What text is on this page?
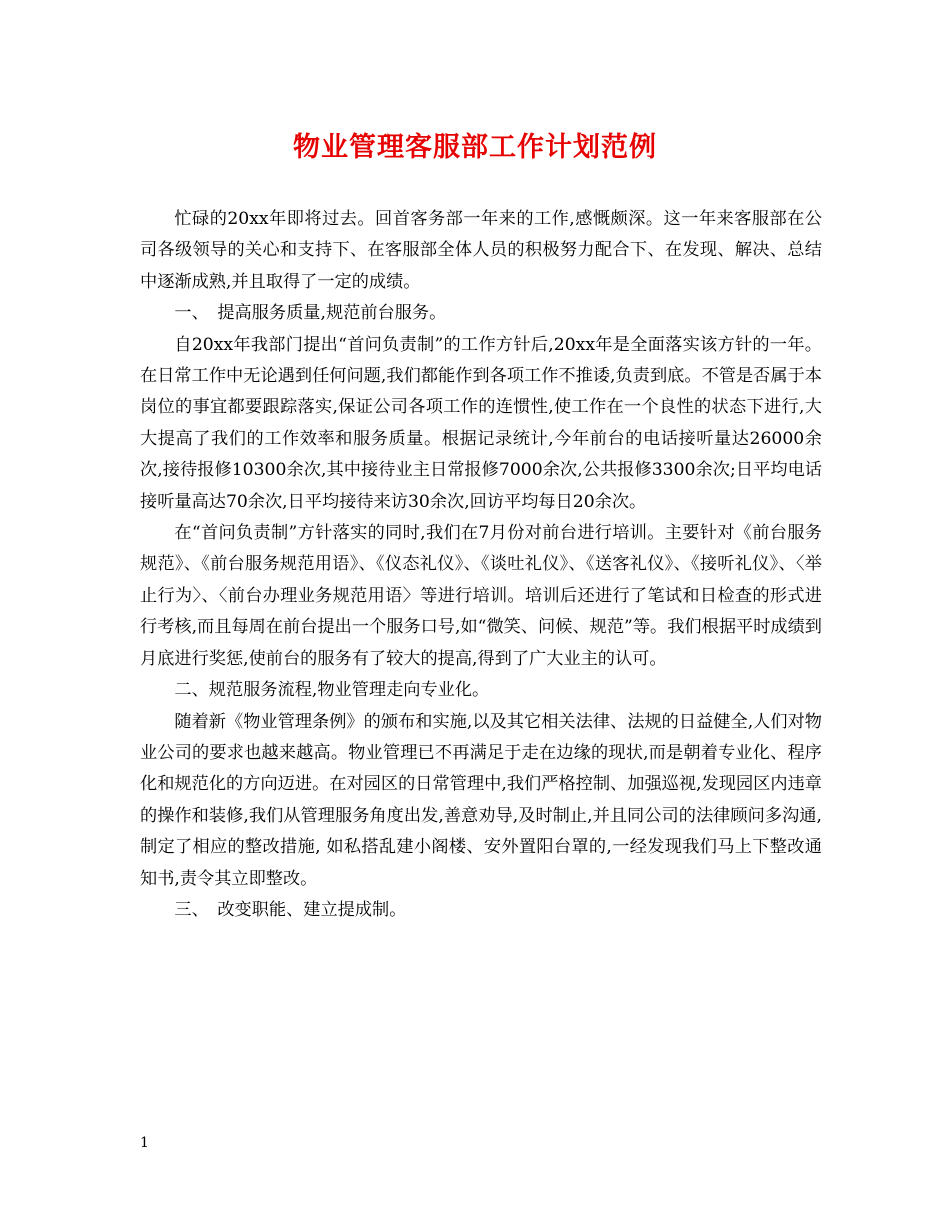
物业管理客服部工作计划范例

忙碌的20xx年即将过去。回首客务部一年来的工作,感慨颇深。这一年来客服部在公司各级领导的关心和支持下、在客服部全体人员的积极努力配合下、在发现、解决、总结中逐渐成熟,并且取得了一定的成绩。

一、　提高服务质量,规范前台服务。

自20xx年我部门提出“首问负责制”的工作方针后,20xx年是全面落实该方针的一年。在日常工作中无论遇到任何问题,我们都能作到各项工作不推诿,负责到底。不管是否属于本岗位的事宜都要跟踪落实,保证公司各项工作的连惯性,使工作在一个良性的状态下进行,大大提高了我们的工作效率和服务质量。根据记录统计,今年前台的电话接听量达26000余次,接待报修10300余次,其中接待业主日常报修7000余次,公共报修3300余次;日平均电话接听量高达70余次,日平均接待来访30余次,回访平均每日20余次。

在“首问负责制”方针落实的同时,我们在7月份对前台进行培训。主要针对《前台服务规范》、《前台服务规范用语》、《仪态礼仪》、《谈吐礼仪》、《送客礼仪》、《接听礼仪》、〈举止行为〉、〈前台办理业务规范用语〉等进行培训。培训后还进行了笔试和日检查的形式进行考核,而且每周在前台提出一个服务口号,如“微笑、问候、规范”等。我们根据平时成绩到月底进行奖惩,使前台的服务有了较大的提高,得到了广大业主的认可。

二、规范服务流程,物业管理走向专业化。

随着新《物业管理条例》的颁布和实施,以及其它相关法律、法规的日益健全,人们对物业公司的要求也越来越高。物业管理已不再满足于走在边缘的现状,而是朝着专业化、程序化和规范化的方向迈进。在对园区的日常管理中,我们严格控制、加强巡视,发现园区内违章的操作和装修,我们从管理服务角度出发,善意劝导,及时制止,并且同公司的法律顾问多沟通,制定了相应的整改措施, 如私搭乱建小阁楼、安外置阳台罩的,一经发现我们马上下整改通知书,责令其立即整改。

三、　改变职能、建立提成制。

1
